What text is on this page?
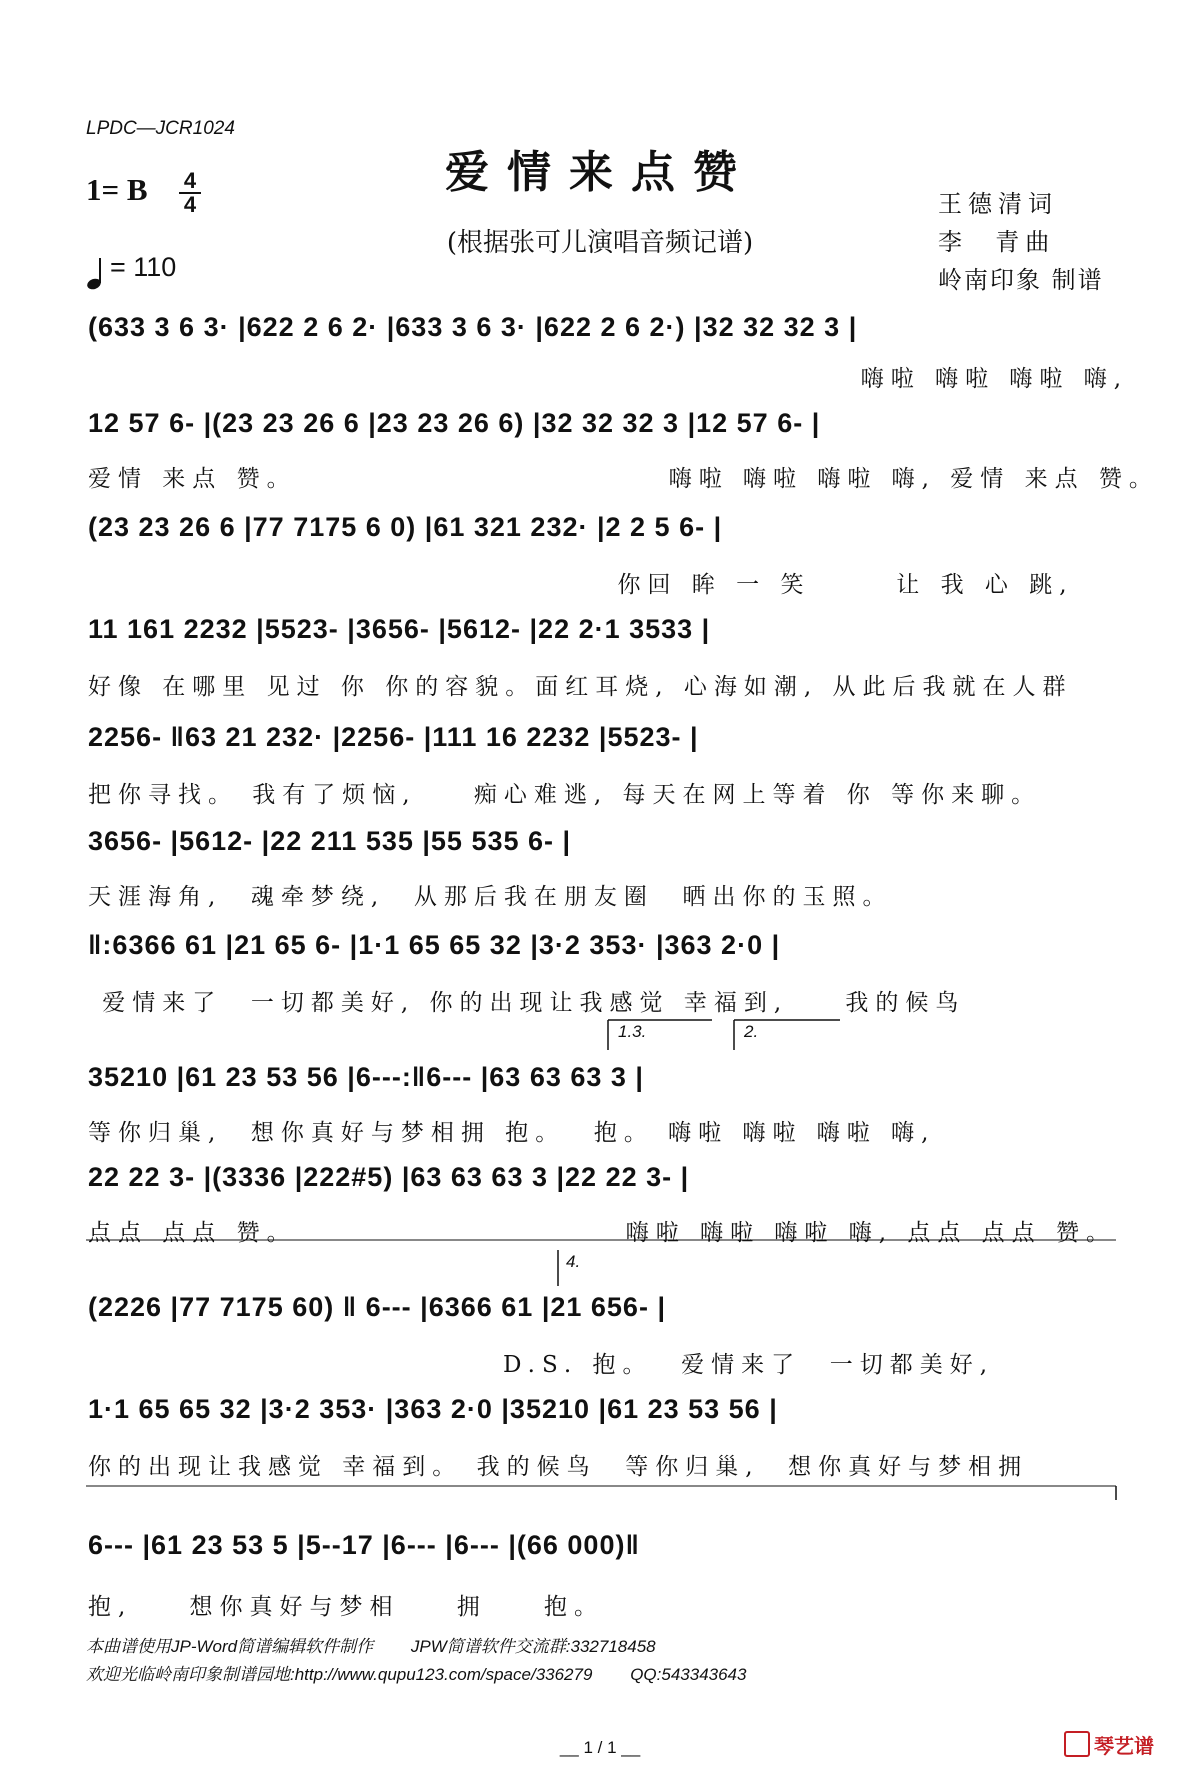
LPDC—JCR1024
爱情来点赞
(根据张可儿演唱音频记谱)
1= B 4
4
= 110
王德清词
李  青曲
岭南印象 制谱
(633 3 6 3· |622 2 6 2· |633 3 6 3· |622 2 6 2·) |32 32 32 3 |
嗨啦 嗨啦 嗨啦 嗨,
12 57 6- |(23 23 26 6 |23 23 26 6) |32 32 32 3 |12 57 6- |
爱情 来点 赞。                          嗨啦 嗨啦 嗨啦 嗨, 爱情 来点 赞。
(23 23 26 6 |77 7175 6 0) |61 321 232· |2 2 5 6- |
你回 眸 一 笑      让 我 心 跳,
11 161 2232 |5523- |3656- |5612- |22 2·1 3533 |
好像 在哪里 见过 你 你的容貌。面红耳烧, 心海如潮, 从此后我就在人群
2256- ‖63 21 232· |2256- |111 16 2232 |5523- |
把你寻找。 我有了烦恼,    痴心难逃, 每天在网上等着 你 等你来聊。
3656- |5612- |22 211 535 |55 535 6- |
天涯海角,  魂牵梦绕,  从那后我在朋友圈  晒出你的玉照。
‖:6366 61 |21 65 6- |1·1 65 65 32 |3·2 353· |363 2·0 |
爱情来了  一切都美好, 你的出现让我感觉 幸福到,    我的候鸟
1.3.	2.
35210 |61 23 53 56 |6---:‖6--- |63 63 63 3 |
等你归巢,  想你真好与梦相拥 抱。  抱。 嗨啦 嗨啦 嗨啦 嗨,
22 22 3- |(3336 |222#5) |63 63 63 3 |22 22 3- |
点点 点点 赞。                       嗨啦 嗨啦 嗨啦 嗨, 点点 点点 赞。
4.
(2226 |77 7175 60) ‖ 6--- |6366 61 |21 656- |
D.S. 抱。  爱情来了  一切都美好,
1·1 65 65 32 |3·2 353· |363 2·0 |35210 |61 23 53 56 |
你的出现让我感觉 幸福到。 我的候鸟  等你归巢,  想你真好与梦相拥
6--- |61 23 53 5 |5--17 |6--- |6--- |(66 000)‖
抱,    想你真好与梦相    拥    抱。
本曲谱使用JP-Word简谱编辑软件制作        JPW简谱软件交流群:332718458
欢迎光临岭南印象制谱园地:http://www.qupu123.com/space/336279        QQ:543343643
__ 1 / 1 __	琴艺谱
